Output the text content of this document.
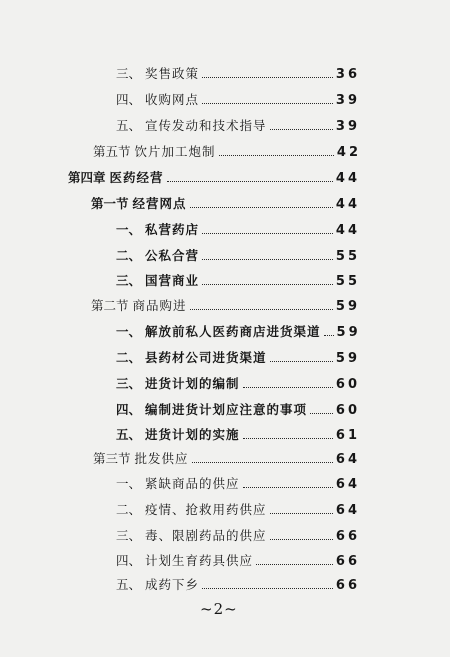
三、 奖售政策	36
四、 收购网点	39
五、 宣传发动和技术指导	39
第五节 饮片加工炮制	42
第四章 医药经营	44
第一节 经营网点	44
一、 私营药店	44
二、 公私合营	55
三、 国营商业	55
第二节 商品购进	59
一、 解放前私人医药商店进货渠道 59
二、 县药材公司进货渠道	59
三、 进货计划的编制	60
四、 编制进货计划应注意的事项 60
五、 进货计划的实施	61
第三节 批发供应	64
一、 紧缺商品的供应	64
二、 疫情、抢救用药供应	64
三、 毒、限剧药品的供应	66
四、 计划生育药具供应	66
五、 成药下乡	66
~2~
